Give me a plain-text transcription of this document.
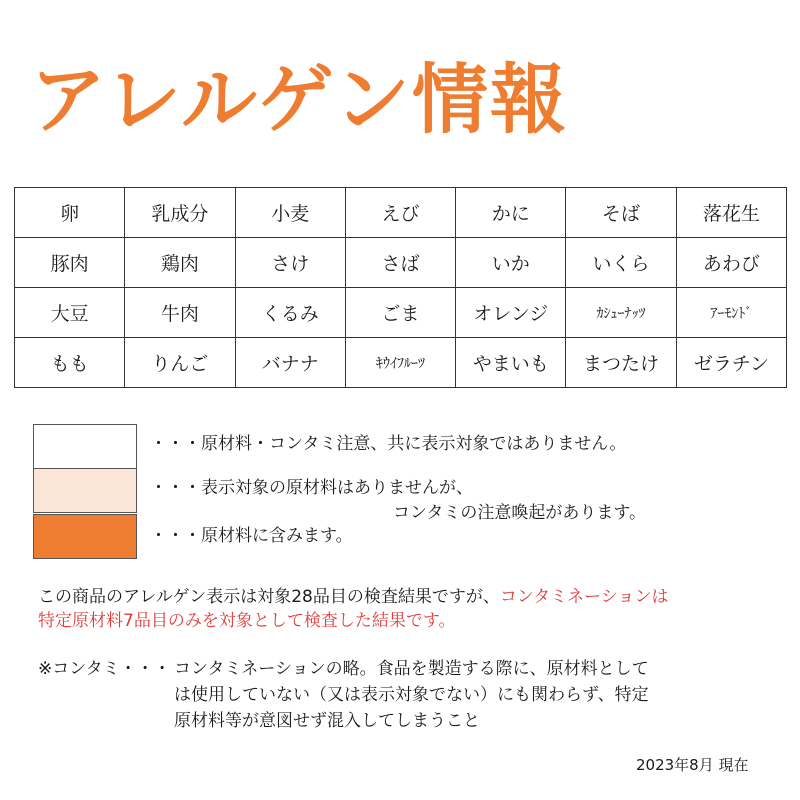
アレルゲン情報
卵	乳成分	小麦	えび	かに	そば	落花生
豚肉	鶏肉	さけ	さば	いか	いくら	あわび
大豆	牛肉	くるみ	ごま	オレンジ	ｶｼｭｰﾅｯﾂ	ｱｰﾓﾝﾄﾞ
もも	りんご	バナナ	ｷｳｲﾌﾙｰﾂ	やまいも	まつたけ	ゼラチン
・・・原材料・コンタミ注意、共に表示対象ではありません。
・・・表示対象の原材料はありませんが、
コンタミの注意喚起があります。
・・・原材料に含みます。
この商品のアレルゲン表示は対象28品目の検査結果ですが、コンタミネーションは
特定原材料7品目のみを対象として検査した結果です。
※コンタミ・・・ コンタミネーションの略。食品を製造する際に、原材料として
は使用していない（又は表示対象でない）にも関わらず、特定
原材料等が意図せず混入してしまうこと
2023年8月 現在
